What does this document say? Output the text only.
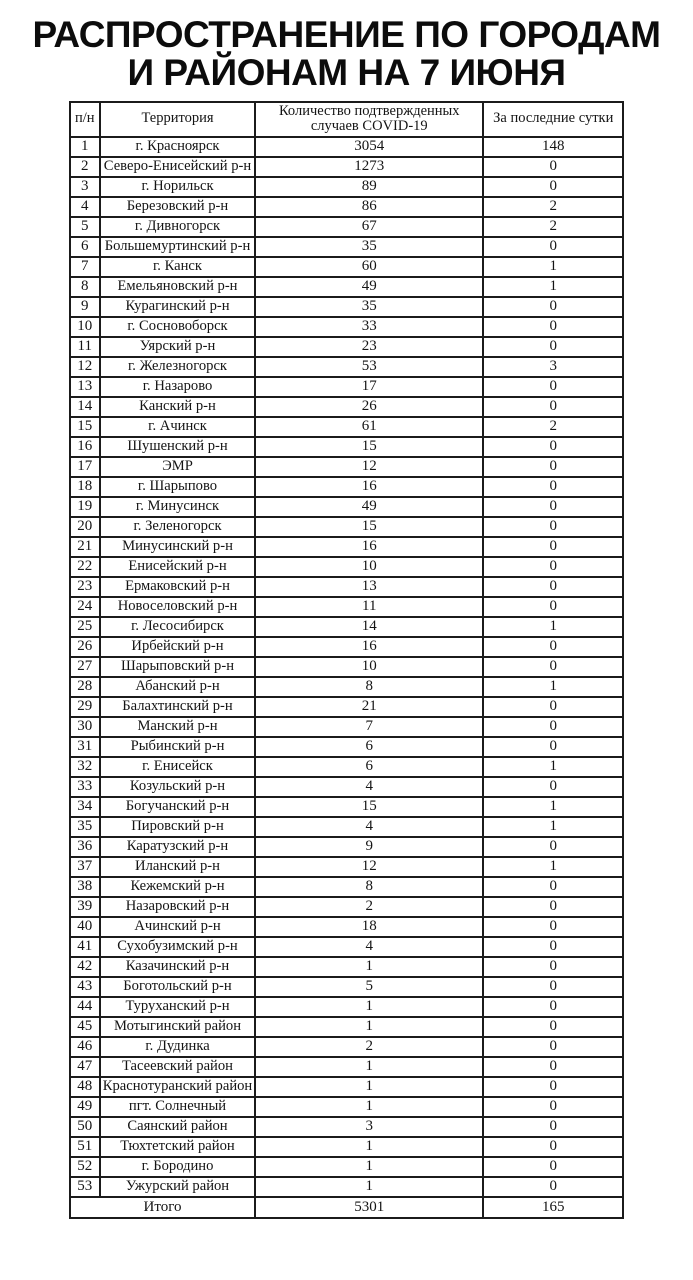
РАСПРОСТРАНЕНИЕ ПО ГОРОДАМ
И РАЙОНАМ НА 7 ИЮНЯ
п/н	Территория	Количество подтвержденных случаев COVID-19	За последние сутки
1	г. Красноярск	3054	148
2	Северо-Енисейский р-н	1273	0
3	г. Норильск	89	0
4	Березовский р-н	86	2
5	г. Дивногорск	67	2
6	Большемуртинский р-н	35	0
7	г. Канск	60	1
8	Емельяновский р-н	49	1
9	Курагинский р-н	35	0
10	г. Сосновоборск	33	0
11	Уярский р-н	23	0
12	г. Железногорск	53	3
13	г. Назарово	17	0
14	Канский р-н	26	0
15	г. Ачинск	61	2
16	Шушенский р-н	15	0
17	ЭМР	12	0
18	г. Шарыпово	16	0
19	г. Минусинск	49	0
20	г. Зеленогорск	15	0
21	Минусинский р-н	16	0
22	Енисейский р-н	10	0
23	Ермаковский р-н	13	0
24	Новоселовский р-н	11	0
25	г. Лесосибирск	14	1
26	Ирбейский р-н	16	0
27	Шарыповский р-н	10	0
28	Абанский р-н	8	1
29	Балахтинский р-н	21	0
30	Манский р-н	7	0
31	Рыбинский р-н	6	0
32	г. Енисейск	6	1
33	Козульский р-н	4	0
34	Богучанский р-н	15	1
35	Пировский р-н	4	1
36	Каратузский р-н	9	0
37	Иланский р-н	12	1
38	Кежемский р-н	8	0
39	Назаровский р-н	2	0
40	Ачинский р-н	18	0
41	Сухобузимский р-н	4	0
42	Казачинский р-н	1	0
43	Боготольский р-н	5	0
44	Туруханский р-н	1	0
45	Мотыгинский район	1	0
46	г. Дудинка	2	0
47	Тасеевский район	1	0
48	Краснотуранский район	1	0
49	пгт. Солнечный	1	0
50	Саянский район	3	0
51	Тюхтетский район	1	0
52	г. Бородино	1	0
53	Ужурский район	1	0
Итого		5301	165
